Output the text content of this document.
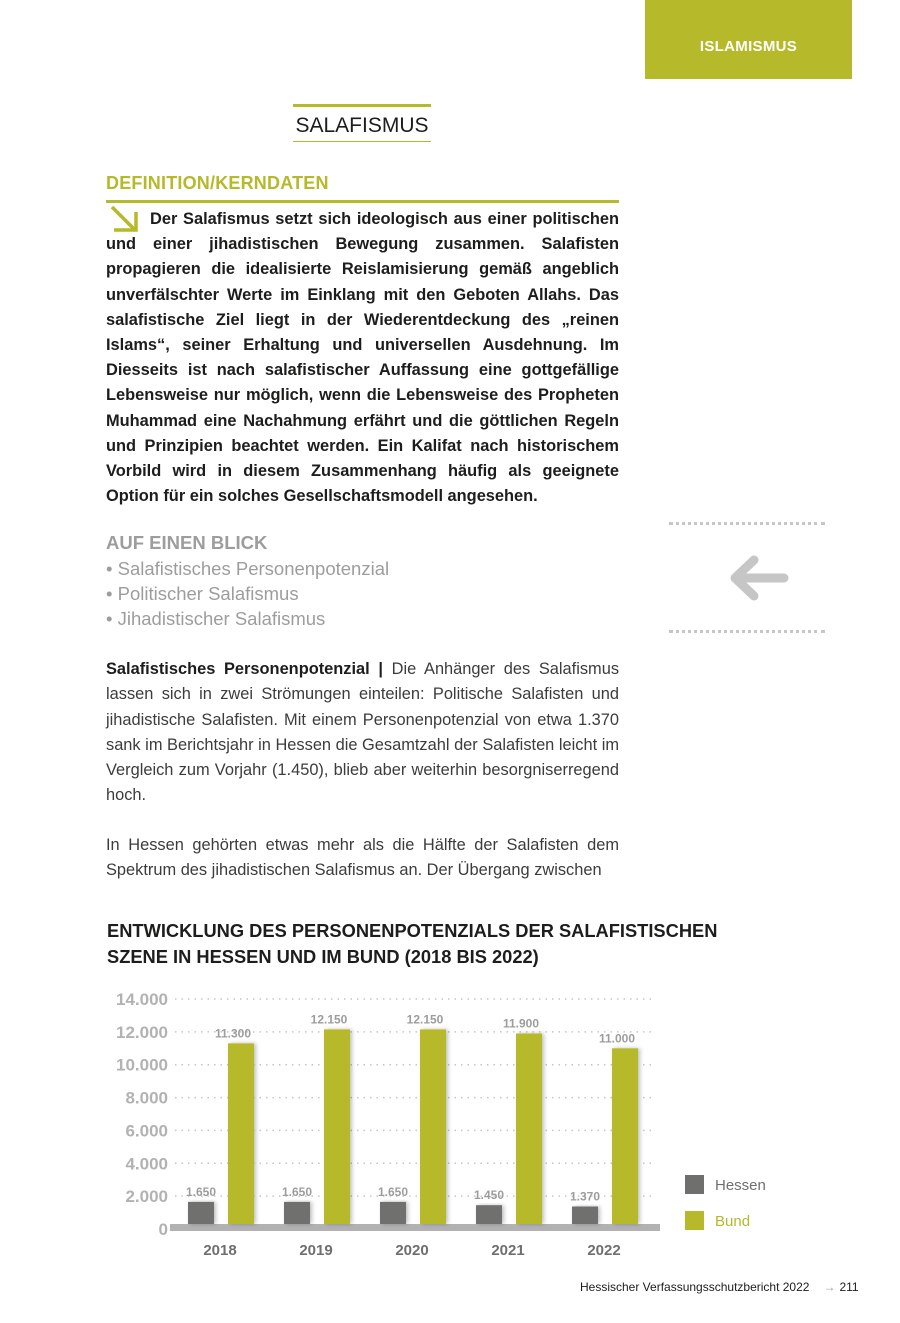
ISLAMISMUS
SALAFISMUS
DEFINITION/KERNDATEN
Der Salafismus setzt sich ideologisch aus einer politischen und einer jihadistischen Bewegung zusammen. Salafisten propagieren die idealisierte Reislamisierung gemäß angeblich unverfälschter Werte im Einklang mit den Geboten Allahs. Das salafistische Ziel liegt in der Wiederentdeckung des „reinen Islams“, seiner Erhaltung und universellen Ausdehnung. Im Diesseits ist nach salafistischer Auffassung eine gottgefällige Lebensweise nur möglich, wenn die Lebensweise des Propheten Muhammad eine Nachahmung erfährt und die göttlichen Regeln und Prinzipien beachtet werden. Ein Kalifat nach historischem Vorbild wird in diesem Zusammenhang häufig als geeignete Option für ein solches Gesellschaftsmodell angesehen.
AUF EINEN BLICK
• Salafistisches Personenpotenzial
• Politischer Salafismus
• Jihadistischer Salafismus
Salafistisches Personenpotenzial | Die Anhänger des Salafismus lassen sich in zwei Strömungen einteilen: Politische Salafisten und jihadistische Salafisten. Mit einem Personenpotenzial von etwa 1.370 sank im Berichtsjahr in Hessen die Gesamtzahl der Salafisten leicht im Vergleich zum Vorjahr (1.450), blieb aber weiterhin besorgniserregend hoch.
In Hessen gehörten etwas mehr als die Hälfte der Salafisten dem Spektrum des jihadistischen Salafismus an. Der Übergang zwischen
ENTWICKLUNG DES PERSONENPOTENZIALS DER SALAFISTISCHEN
SZENE IN HESSEN UND IM BUND (2018 BIS 2022)
0
2.000
4.000
6.000
8.000
10.000
12.000
14.000
1.650
11.300
2018
1.650
12.150
2019
1.650
12.150
2020
1.450
11.900
2021
1.370
11.000
2022
Hessen
Bund
Hessischer Verfassungsschutzbericht 2022 → 211
